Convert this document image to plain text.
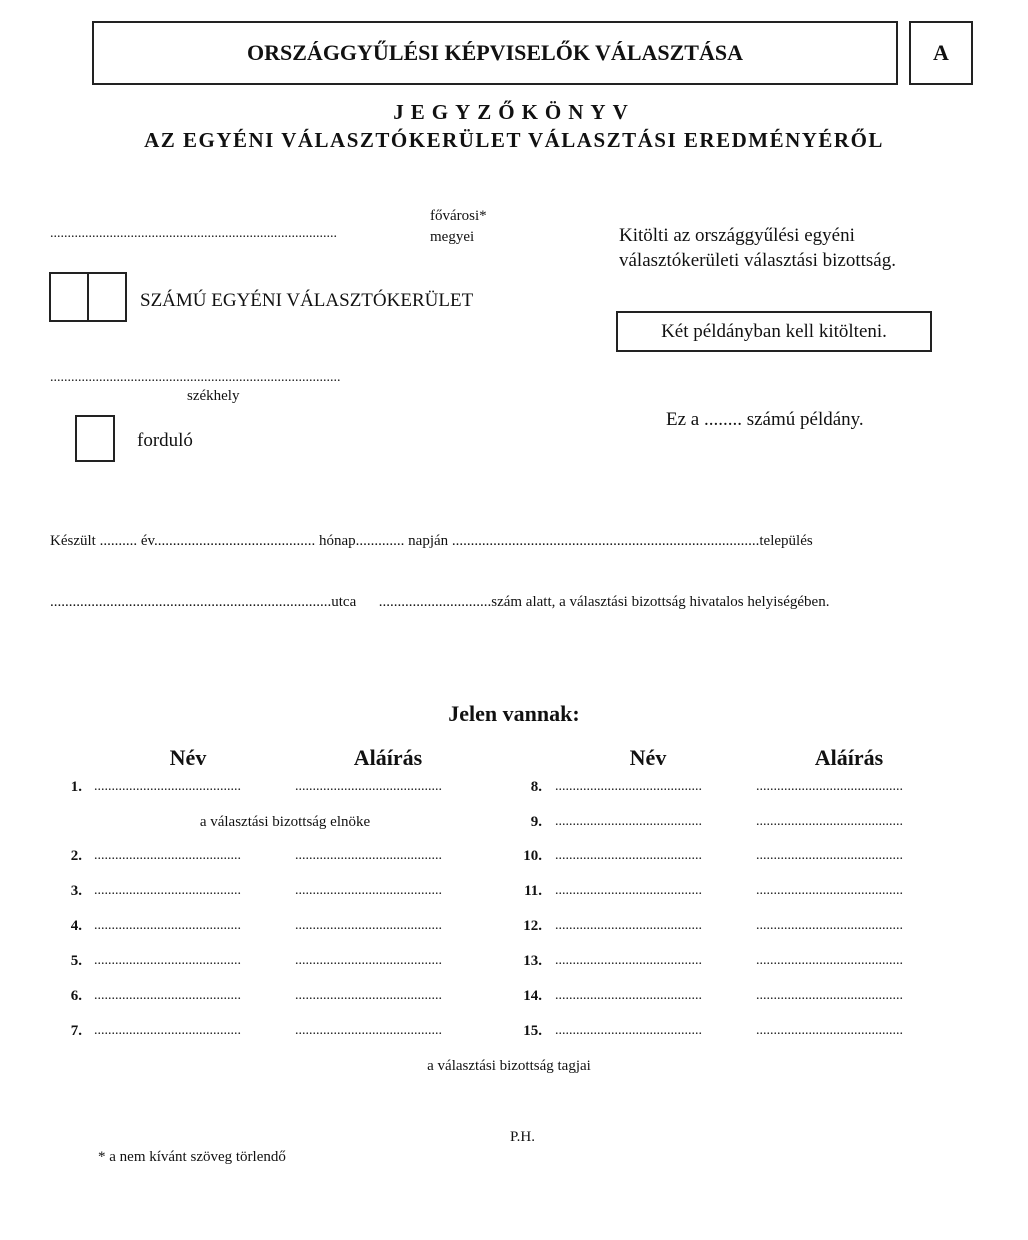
ORSZÁGGYŰLÉSI KÉPVISELŐK VÁLASZTÁSA	A
JEGYZŐKÖNYV
AZ EGYÉNI VÁLASZTÓKERÜLET VÁLASZTÁSI EREDMÉNYÉRŐL
..................................................................................
fővárosi*
megyei
SZÁMÚ EGYÉNI VÁLASZTÓKERÜLET
...................................................................................
székhely
forduló
Kitölti az országgyűlési egyéni
választókerületi választási bizottság.
Két példányban kell kitölteni.
Ez a ........ számú példány.
Készült .......... év........................................... hónap............. napján ..................................................................................település
...........................................................................utca      ..............................szám alatt, a választási bizottság hivatalos helyiségében.
Jelen vannak:
Név	Aláírás	Név	Aláírás
1. ..........................................	..........................................
2. ..........................................	..........................................
3. ..........................................	..........................................
4. ..........................................	..........................................
5. ..........................................	..........................................
6. ..........................................	..........................................
7. ..........................................	..........................................
a választási bizottság elnöke
8. ..........................................	..........................................
9. ..........................................	..........................................
10. ..........................................	..........................................
11. ..........................................	..........................................
12. ..........................................	..........................................
13. ..........................................	..........................................
14. ..........................................	..........................................
15. ..........................................	..........................................
a választási bizottság tagjai
P.H.
* a nem kívánt szöveg törlendő
